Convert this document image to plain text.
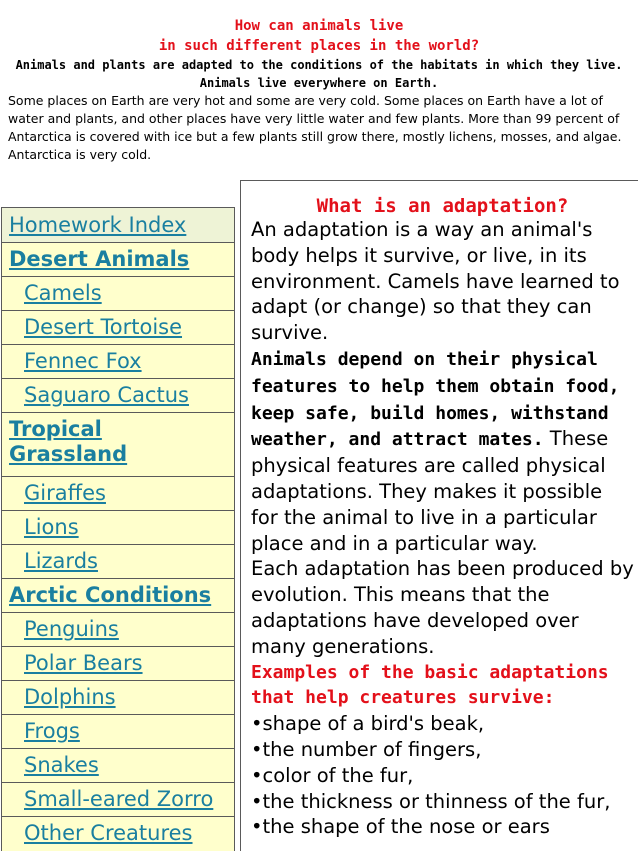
How can animals live
in such different places in the world?
Animals and plants are adapted to the conditions of the habitats in which they live.
Animals live everywhere on Earth.
Some places on Earth are very hot and some are very cold. Some places on Earth have a lot of water and plants, and other places have very little water and few plants. More than 99 percent of Antarctica is covered with ice but a few plants still grow there, mostly lichens, mosses, and algae. Antarctica is very cold.
Homework Index
Desert Animals
Camels
Desert Tortoise
Fennec Fox
Saguaro Cactus
Tropical Grassland
Giraffes
Lions
Lizards
Arctic Conditions
Penguins
Polar Bears
Dolphins
Frogs
Snakes
Small-eared Zorro
Other Creatures
What is an adaptation?
An adaptation is a way an animal's body helps it survive, or live, in its environment. Camels have learned to adapt (or change) so that they can survive.
Animals depend on their physical features to help them obtain food, keep safe, build homes, withstand weather, and attract mates. These physical features are called physical adaptations. They makes it possible for the animal to live in a particular place and in a particular way.
Each adaptation has been produced by evolution. This means that the adaptations have developed over many generations.
Examples of the basic adaptations that help creatures survive:
•shape of a bird's beak,
•the number of fingers,
•color of the fur,
•the thickness or thinness of the fur,
•the shape of the nose or ears
